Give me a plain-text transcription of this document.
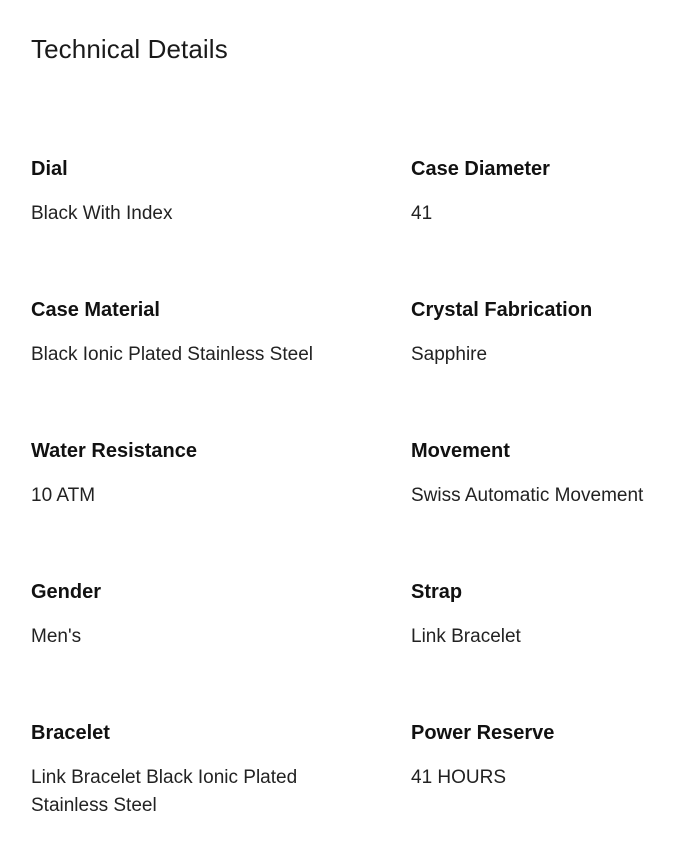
Technical Details

Dial

Black With Index

Case Diameter

41

Case Material

Black Ionic Plated Stainless Steel

Crystal Fabrication

Sapphire

Water Resistance

10 ATM

Movement

Swiss Automatic Movement

Gender

Men's

Strap

Link Bracelet

Bracelet

Link Bracelet Black Ionic Plated Stainless Steel

Power Reserve

41 HOURS
